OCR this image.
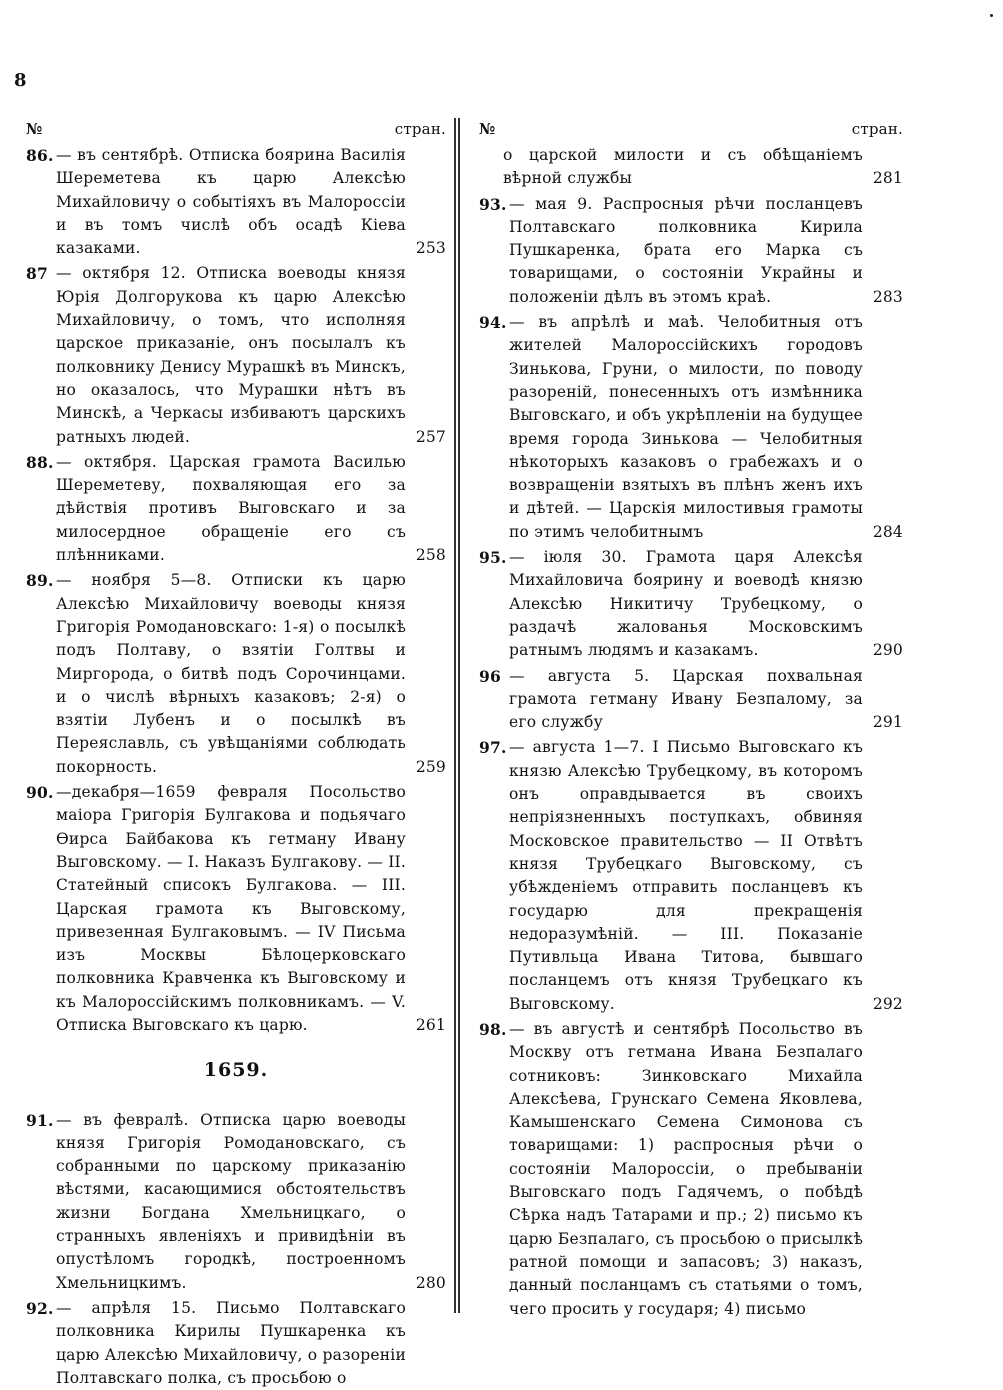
8
№	стран.
86. — въ сентябрѣ. Отписка боярина Василія Шереметева къ царю Алексѣю Михайловичу о событіяхъ въ Малороссіи и въ томъ числѣ объ осадѣ Кіева казаками.	253
87 — октября 12. Отписка воеводы князя Юрія Долгорукова къ царю Алексѣю Михайловичу, о томъ, что исполняя царское приказаніе, онъ посылалъ къ полковнику Денису Мурашкѣ въ Минскъ, но оказалось, что Мурашки нѣтъ въ Минскѣ, а Черкасы избиваютъ царскихъ ратныхъ людей.	257
88. — октября. Царская грамота Василью Шереметеву, похваляющая его за дѣйствія противъ Выговскаго и за милосердное обращеніе его съ плѣнниками.	258
89. — ноября 5—8. Отписки къ царю Алексѣю Михайловичу воеводы князя Григорія Ромодановскаго: 1-я) о посылкѣ подъ Полтаву, о взятіи Голтвы и Миргорода, о битвѣ подъ Сорочинцами. и о числѣ вѣрныхъ казаковъ; 2-я) о взятіи Лубенъ и о посылкѣ въ Переяславль, съ увѣщаніями соблюдать покорность.	259
90. —декабря—1659 февраля Посольство маіора Григорія Булгакова и подьячаго Ѳирса Байбакова къ гетману Ивану Выговскому. — I. Наказъ Булгакову. — II. Статейный списокъ Булгакова. — III. Царская грамота къ Выговскому, привезенная Булгаковымъ. — IV Письма изъ Москвы Бѣлоцерковскаго полковника Кравченка къ Выговскому и къ Малороссійскимъ полковникамъ. — V. Отписка Выговскаго къ царю.	261
1659.
91. — въ февралѣ. Отписка царю воеводы князя Григорія Ромодановскаго, съ собранными по царскому приказанію вѣстями, касающимися обстоятельствъ жизни Богдана Хмельницкаго, о странныхъ явленіяхъ и привидѣніи въ опустѣломъ городкѣ, построенномъ Хмельницкимъ.	280
92. — апрѣля 15. Письмо Полтавскаго полковника Кирилы Пушкаренка къ царю Алексѣю Михайловичу, о разореніи Полтавскаго полка, съ просьбою о
№	стран.
о царской милости и съ обѣщаніемъ вѣрной службы	281
93. — мая 9. Распросныя рѣчи посланцевъ Полтавскаго полковника Кирила Пушкаренка, брата его Марка съ товарищами, о состояніи Украйны и положеніи дѣлъ въ этомъ краѣ.	283
94. — въ апрѣлѣ и маѣ. Челобитныя отъ жителей Малороссійскихъ городовъ Зинькова, Груни, о милости, по поводу разореній, понесенныхъ отъ измѣнника Выговскаго, и объ укрѣпленіи на будущее время города Зинькова — Челобитныя нѣкоторыхъ казаковъ о грабежахъ и о возвращеніи взятыхъ въ плѣнъ женъ ихъ и дѣтей. — Царскія милостивыя грамоты по этимъ челобитнымъ	284
95. — іюля 30. Грамота царя Алексѣя Михайловича боярину и воеводѣ князю Алексѣю Никитичу Трубецкому, о раздачѣ жалованья Московскимъ ратнымъ людямъ и казакамъ.	290
96 — августа 5. Царская похвальная грамота гетману Ивану Безпалому, за его службу	291
97. — августа 1—7. I Письмо Выговскаго къ князю Алексѣю Трубецкому, въ которомъ онъ оправдывается въ своихъ непріязненныхъ поступкахъ, обвиняя Московское правительство — II Отвѣтъ князя Трубецкаго Выговскому, съ убѣжденіемъ отправить посланцевъ къ государю для прекращенія недоразумѣній. — III. Показаніе Путивльца Ивана Титова, бывшаго посланцемъ отъ князя Трубецкаго къ Выговскому.	292
98. — въ августѣ и сентябрѣ Посольство въ Москву отъ гетмана Ивана Безпалаго сотниковъ: Зинковскаго Михайла Алексѣева, Грунскаго Семена Яковлева, Камышенскаго Семена Симонова съ товарищами: 1) распросныя рѣчи о состояніи Малороссіи, о пребываніи Выговскаго подъ Гадячемъ, о побѣдѣ Сѣрка надъ Татарами и пр.; 2) письмо къ царю Безпалаго, съ просьбою о присылкѣ ратной помощи и запасовъ; 3) наказъ, данный посланцамъ съ статьями о томъ, чего просить у государя; 4) письмо
